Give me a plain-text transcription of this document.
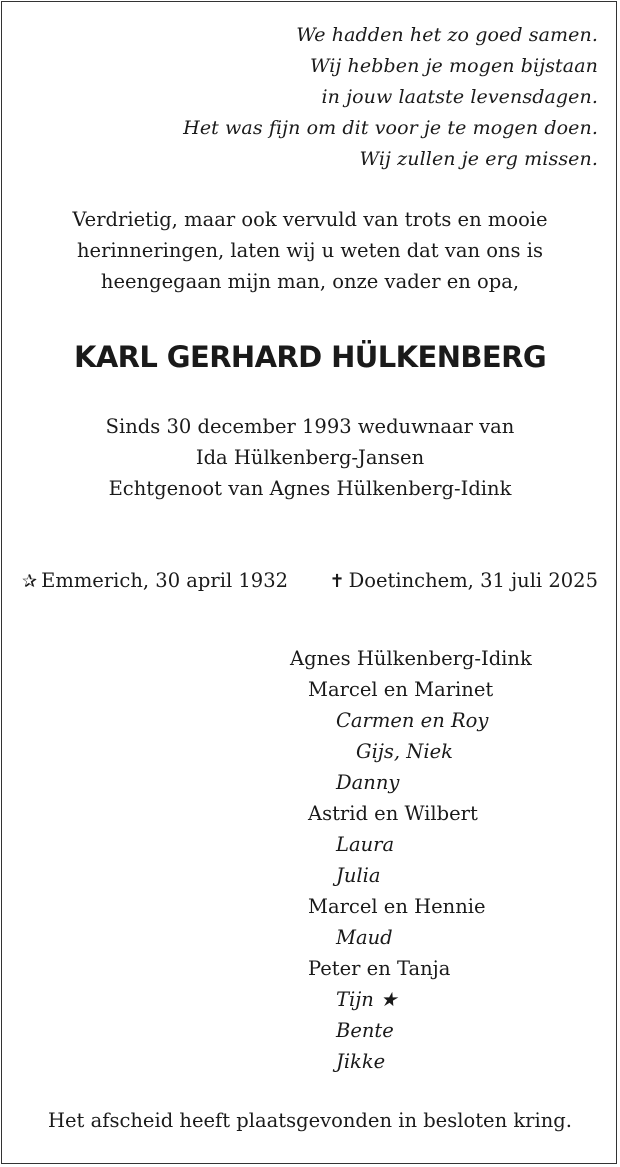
We hadden het zo goed samen.
Wij hebben je mogen bijstaan
in jouw laatste levensdagen.
Het was fijn om dit voor je te mogen doen.
Wij zullen je erg missen.
Verdrietig, maar ook vervuld van trots en mooie
herinneringen, laten wij u weten dat van ons is
heengegaan mijn man, onze vader en opa,
KARL GERHARD HÜLKENBERG
Sinds 30 december 1993 weduwnaar van
Ida Hülkenberg-Jansen
Echtgenoot van Agnes Hülkenberg-Idink
✰ Emmerich, 30 april 1932 ✝ Doetinchem, 31 juli 2025
Agnes Hülkenberg-Idink
Marcel en Marinet
Carmen en Roy
Gijs, Niek
Danny
Astrid en Wilbert
Laura
Julia
Marcel en Hennie
Maud
Peter en Tanja
Tijn ★
Bente
Jikke
Het afscheid heeft plaatsgevonden in besloten kring.
